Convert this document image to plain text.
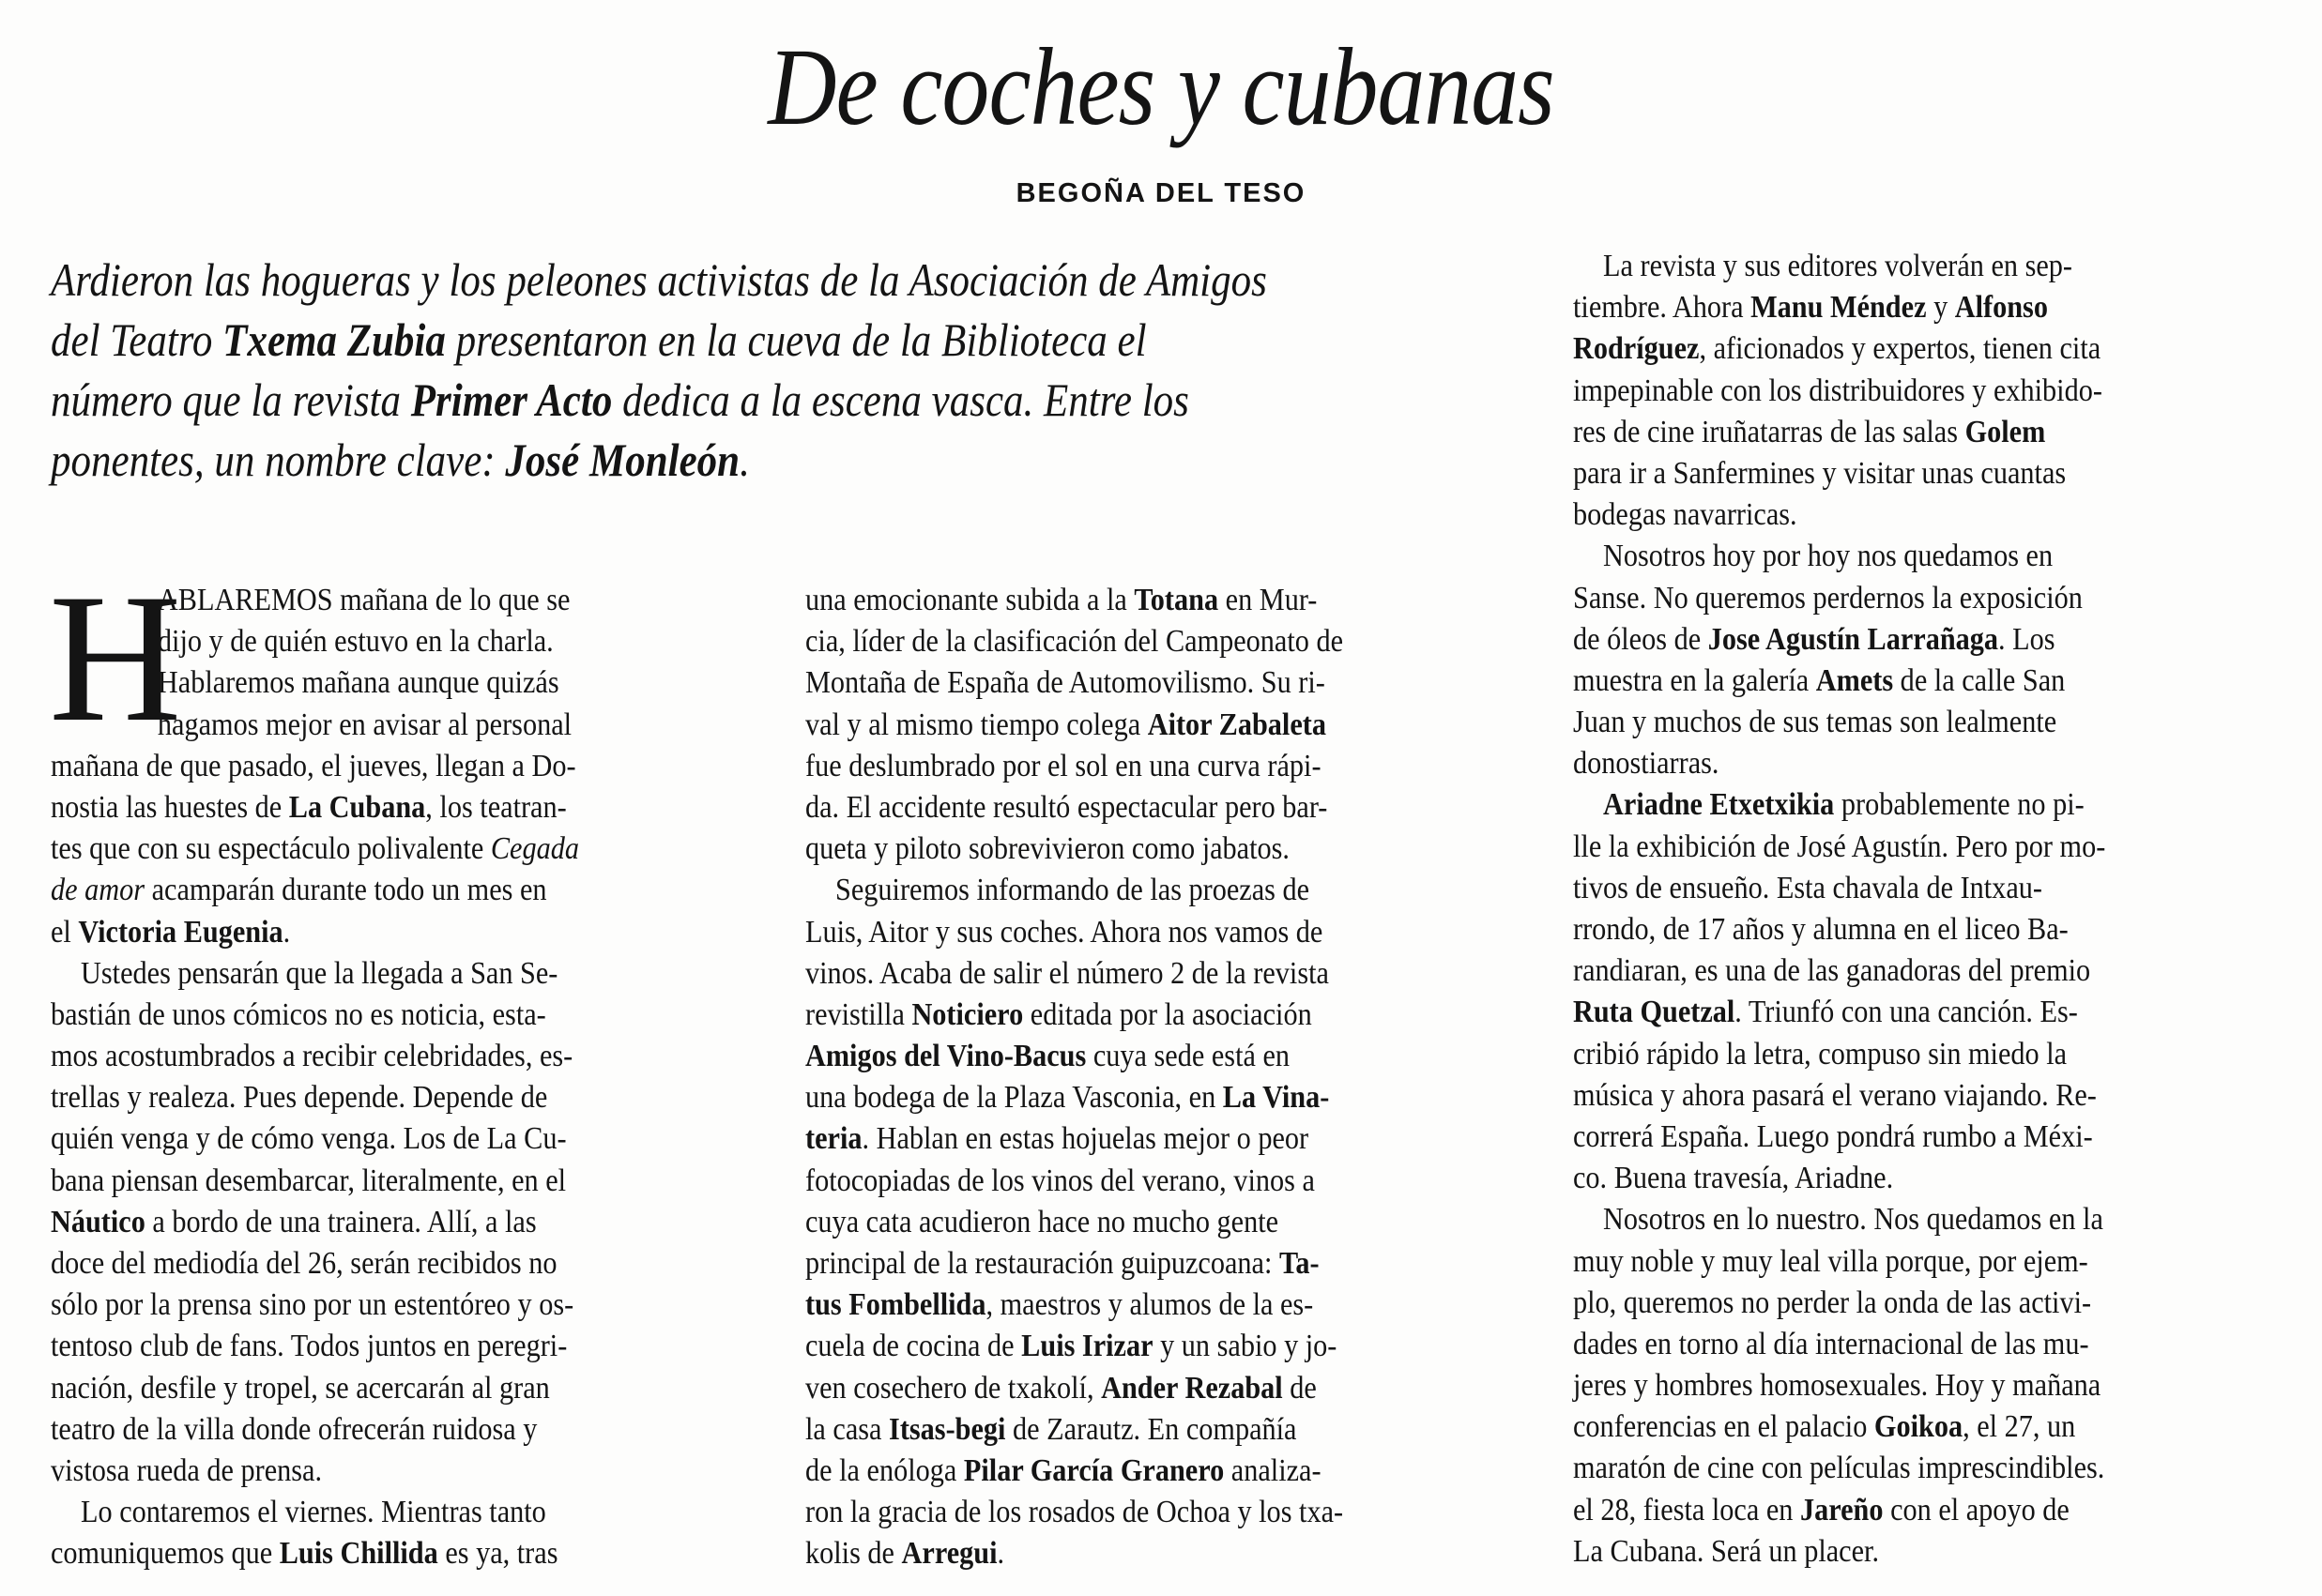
De coches y cubanas
BEGOÑA DEL TESO
Ardieron las hogueras y los peleones activistas de la Asociación de Amigos
del Teatro Txema Zubia presentaron en la cueva de la Biblioteca el
número que la revista Primer Acto dedica a la escena vasca. Entre los
ponentes, un nombre clave: José Monleón.
H
ABLAREMOS mañana de lo que se
dijo y de quién estuvo en la charla.
Hablaremos mañana aunque quizás
hagamos mejor en avisar al personal
mañana de que pasado, el jueves, llegan a Do-
nostia las huestes de La Cubana, los teatran-
tes que con su espectáculo polivalente Cegada
de amor acamparán durante todo un mes en
el Victoria Eugenia.
Ustedes pensarán que la llegada a San Se-
bastián de unos cómicos no es noticia, esta-
mos acostumbrados a recibir celebridades, es-
trellas y realeza. Pues depende. Depende de
quién venga y de cómo venga. Los de La Cu-
bana piensan desembarcar, literalmente, en el
Náutico a bordo de una trainera. Allí, a las
doce del mediodía del 26, serán recibidos no
sólo por la prensa sino por un estentóreo y os-
tentoso club de fans. Todos juntos en peregri-
nación, desfile y tropel, se acercarán al gran
teatro de la villa donde ofrecerán ruidosa y
vistosa rueda de prensa.
Lo contaremos el viernes. Mientras tanto
comuniquemos que Luis Chillida es ya, tras
una emocionante subida a la Totana en Mur-
cia, líder de la clasificación del Campeonato de
Montaña de España de Automovilismo. Su ri-
val y al mismo tiempo colega Aitor Zabaleta
fue deslumbrado por el sol en una curva rápi-
da. El accidente resultó espectacular pero bar-
queta y piloto sobrevivieron como jabatos.
Seguiremos informando de las proezas de
Luis, Aitor y sus coches. Ahora nos vamos de
vinos. Acaba de salir el número 2 de la revista
revistilla Noticiero editada por la asociación
Amigos del Vino-Bacus cuya sede está en
una bodega de la Plaza Vasconia, en La Vina-
teria. Hablan en estas hojuelas mejor o peor
fotocopiadas de los vinos del verano, vinos a
cuya cata acudieron hace no mucho gente
principal de la restauración guipuzcoana: Ta-
tus Fombellida, maestros y alumos de la es-
cuela de cocina de Luis Irizar y un sabio y jo-
ven cosechero de txakolí, Ander Rezabal de
la casa Itsas-begi de Zarautz. En compañía
de la enóloga Pilar García Granero analiza-
ron la gracia de los rosados de Ochoa y los txa-
kolis de Arregui.
La revista y sus editores volverán en sep-
tiembre. Ahora Manu Méndez y Alfonso
Rodríguez, aficionados y expertos, tienen cita
impepinable con los distribuidores y exhibido-
res de cine iruñatarras de las salas Golem
para ir a Sanfermines y visitar unas cuantas
bodegas navarricas.
Nosotros hoy por hoy nos quedamos en
Sanse. No queremos perdernos la exposición
de óleos de Jose Agustín Larrañaga. Los
muestra en la galería Amets de la calle San
Juan y muchos de sus temas son lealmente
donostiarras.
Ariadne Etxetxikia probablemente no pi-
lle la exhibición de José Agustín. Pero por mo-
tivos de ensueño. Esta chavala de Intxau-
rrondo, de 17 años y alumna en el liceo Ba-
randiaran, es una de las ganadoras del premio
Ruta Quetzal. Triunfó con una canción. Es-
cribió rápido la letra, compuso sin miedo la
música y ahora pasará el verano viajando. Re-
correrá España. Luego pondrá rumbo a Méxi-
co. Buena travesía, Ariadne.
Nosotros en lo nuestro. Nos quedamos en la
muy noble y muy leal villa porque, por ejem-
plo, queremos no perder la onda de las activi-
dades en torno al día internacional de las mu-
jeres y hombres homosexuales. Hoy y mañana
conferencias en el palacio Goikoa, el 27, un
maratón de cine con películas imprescindibles.
el 28, fiesta loca en Jareño con el apoyo de
La Cubana. Será un placer.
